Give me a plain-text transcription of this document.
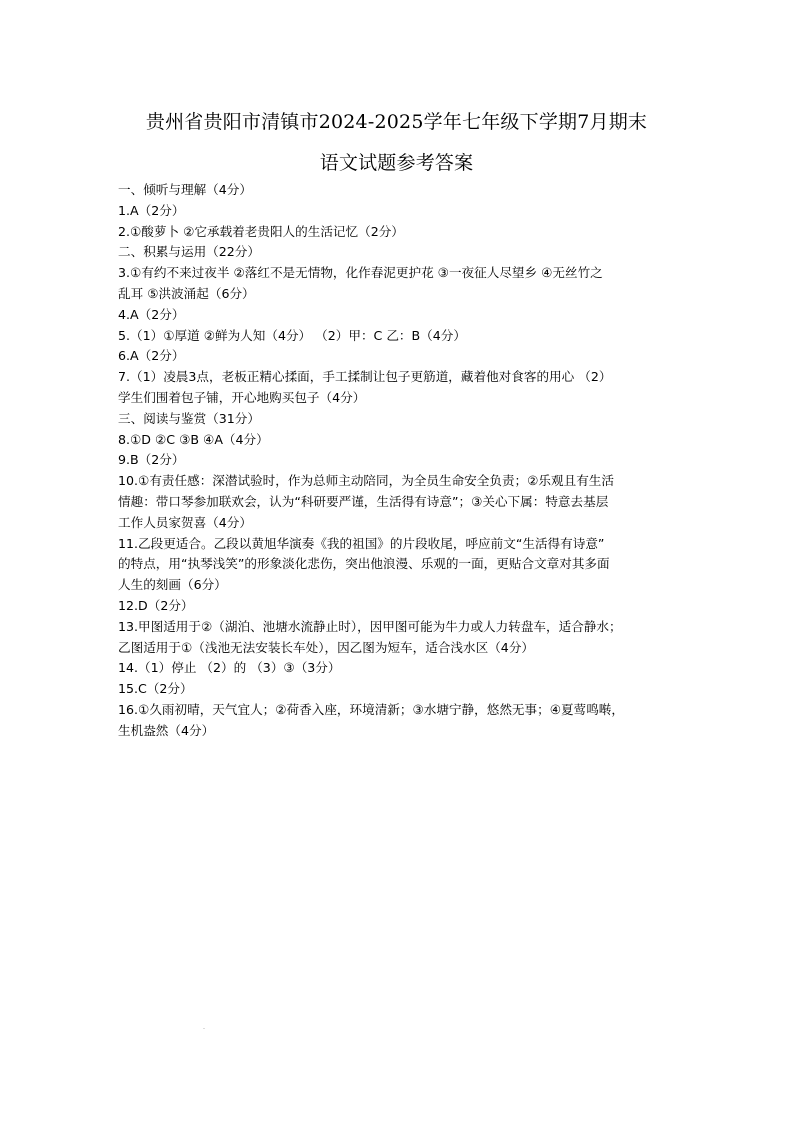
贵州省贵阳市清镇市2024-2025学年七年级下学期7月期末
语文试题参考答案
一、倾听与理解（4分）
1.A（2分）
2.①酸萝卜 ②它承载着老贵阳人的生活记忆（2分）
二、积累与运用（22分）
3.①有约不来过夜半 ②落红不是无情物，化作春泥更护花 ③一夜征人尽望乡 ④无丝竹之
乱耳 ⑤洪波涌起（6分）
4.A（2分）
5.（1）①厚道 ②鲜为人知（4分） （2）甲：C 乙：B（4分）
6.A（2分）
7.（1）凌晨3点，老板正精心揉面，手工揉制让包子更筋道，藏着他对食客的用心 （2）
学生们围着包子铺，开心地购买包子（4分）
三、阅读与鉴赏（31分）
8.①D ②C ③B ④A（4分）
9.B（2分）
10.①有责任感：深潜试验时，作为总师主动陪同，为全员生命安全负责；②乐观且有生活
情趣：带口琴参加联欢会，认为“科研要严谨，生活得有诗意”；③关心下属：特意去基层
工作人员家贺喜（4分）
11.乙段更适合。乙段以黄旭华演奏《我的祖国》的片段收尾，呼应前文“生活得有诗意”
的特点，用“执琴浅笑”的形象淡化悲伤，突出他浪漫、乐观的一面，更贴合文章对其多面
人生的刻画（6分）
12.D（2分）
13.甲图适用于②（湖泊、池塘水流静止时），因甲图可能为牛力或人力转盘车，适合静水；
乙图适用于①（浅池无法安装长车处），因乙图为短车，适合浅水区（4分）
14.（1）停止 （2）的 （3）③（3分）
15.C（2分）
16.①久雨初晴，天气宜人；②荷香入座，环境清新；③水塘宁静，悠然无事；④夏莺鸣啭，
生机盎然（4分）
